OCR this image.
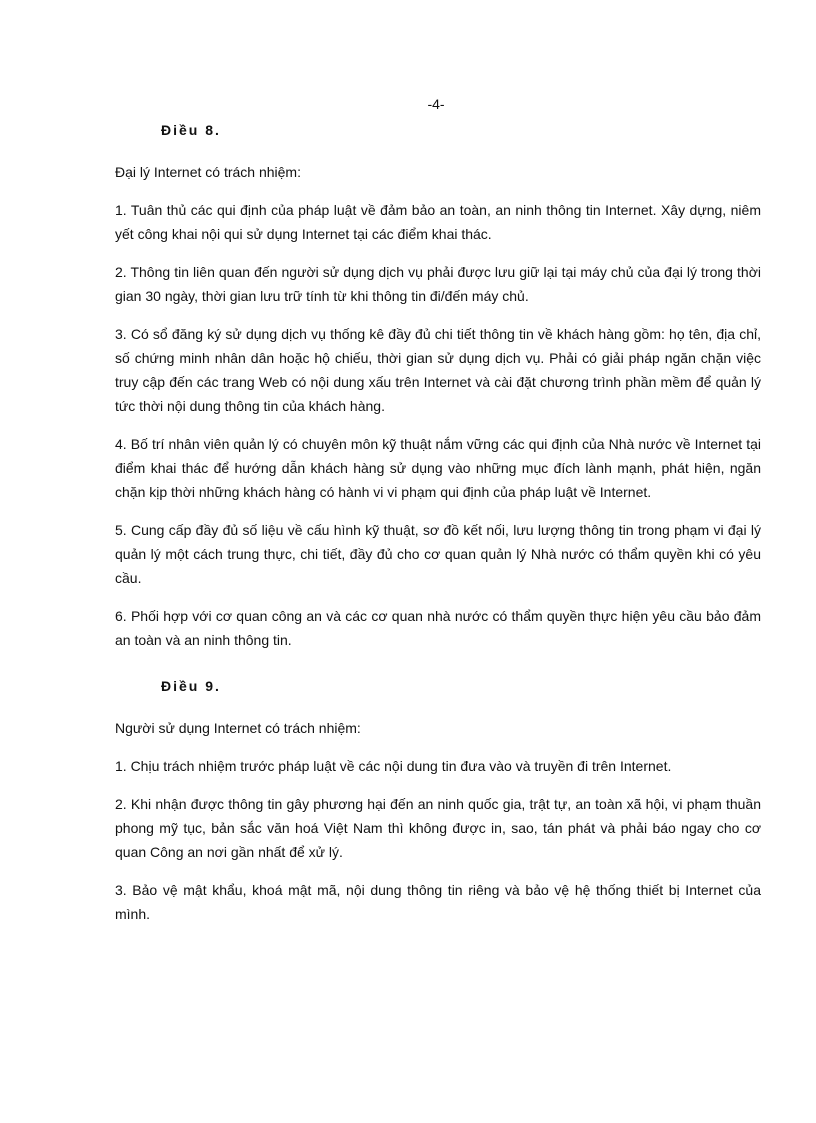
-4-
Điều 8.

Đại lý Internet có trách nhiệm:

1. Tuân thủ các qui định của pháp luật về đảm bảo an toàn, an ninh thông tin Internet. Xây dựng, niêm yết công khai nội qui sử dụng Internet tại các điểm khai thác.

2. Thông tin liên quan đến người sử dụng dịch vụ phải được lưu giữ lại tại máy chủ của đại lý trong thời gian 30 ngày, thời gian lưu trữ tính từ khi thông tin đi/đến máy chủ.

3. Có sổ đăng ký sử dụng dịch vụ thống kê đầy đủ chi tiết thông tin về khách hàng gồm: họ tên, địa chỉ, số chứng minh nhân dân hoặc hộ chiếu, thời gian sử dụng dịch vụ. Phải có giải pháp ngăn chặn việc truy cập đến các trang Web có nội dung xấu trên Internet và cài đặt chương trình phần mềm để quản lý tức thời nội dung thông tin của khách hàng.

4. Bố trí nhân viên quản lý có chuyên môn kỹ thuật nắm vững các qui định của Nhà nước về Internet tại điểm khai thác để hướng dẫn khách hàng sử dụng vào những mục đích lành mạnh, phát hiện, ngăn chặn kịp thời những khách hàng có hành vi vi phạm qui định của pháp luật về Internet.

5. Cung cấp đầy đủ số liệu về cấu hình kỹ thuật, sơ đồ kết nối, lưu lượng thông tin trong phạm vi đại lý quản lý một cách trung thực, chi tiết, đầy đủ cho cơ quan quản lý Nhà nước có thẩm quyền khi có yêu cầu.

6. Phối hợp với cơ quan công an và các cơ quan nhà nước có thẩm quyền thực hiện yêu cầu bảo đảm an toàn và an ninh thông tin.

Điều 9.

Người sử dụng Internet có trách nhiệm:

1. Chịu trách nhiệm trước pháp luật về các nội dung tin đưa vào và truyền đi trên Internet.

2. Khi nhận được thông tin gây phương hại đến an ninh quốc gia, trật tự, an toàn xã hội, vi phạm thuần phong mỹ tục, bản sắc văn hoá Việt Nam thì không được in, sao, tán phát và phải báo ngay cho cơ quan Công an nơi gần nhất để xử lý.

3. Bảo vệ mật khẩu, khoá mật mã, nội dung thông tin riêng và bảo vệ hệ thống thiết bị Internet của mình.
